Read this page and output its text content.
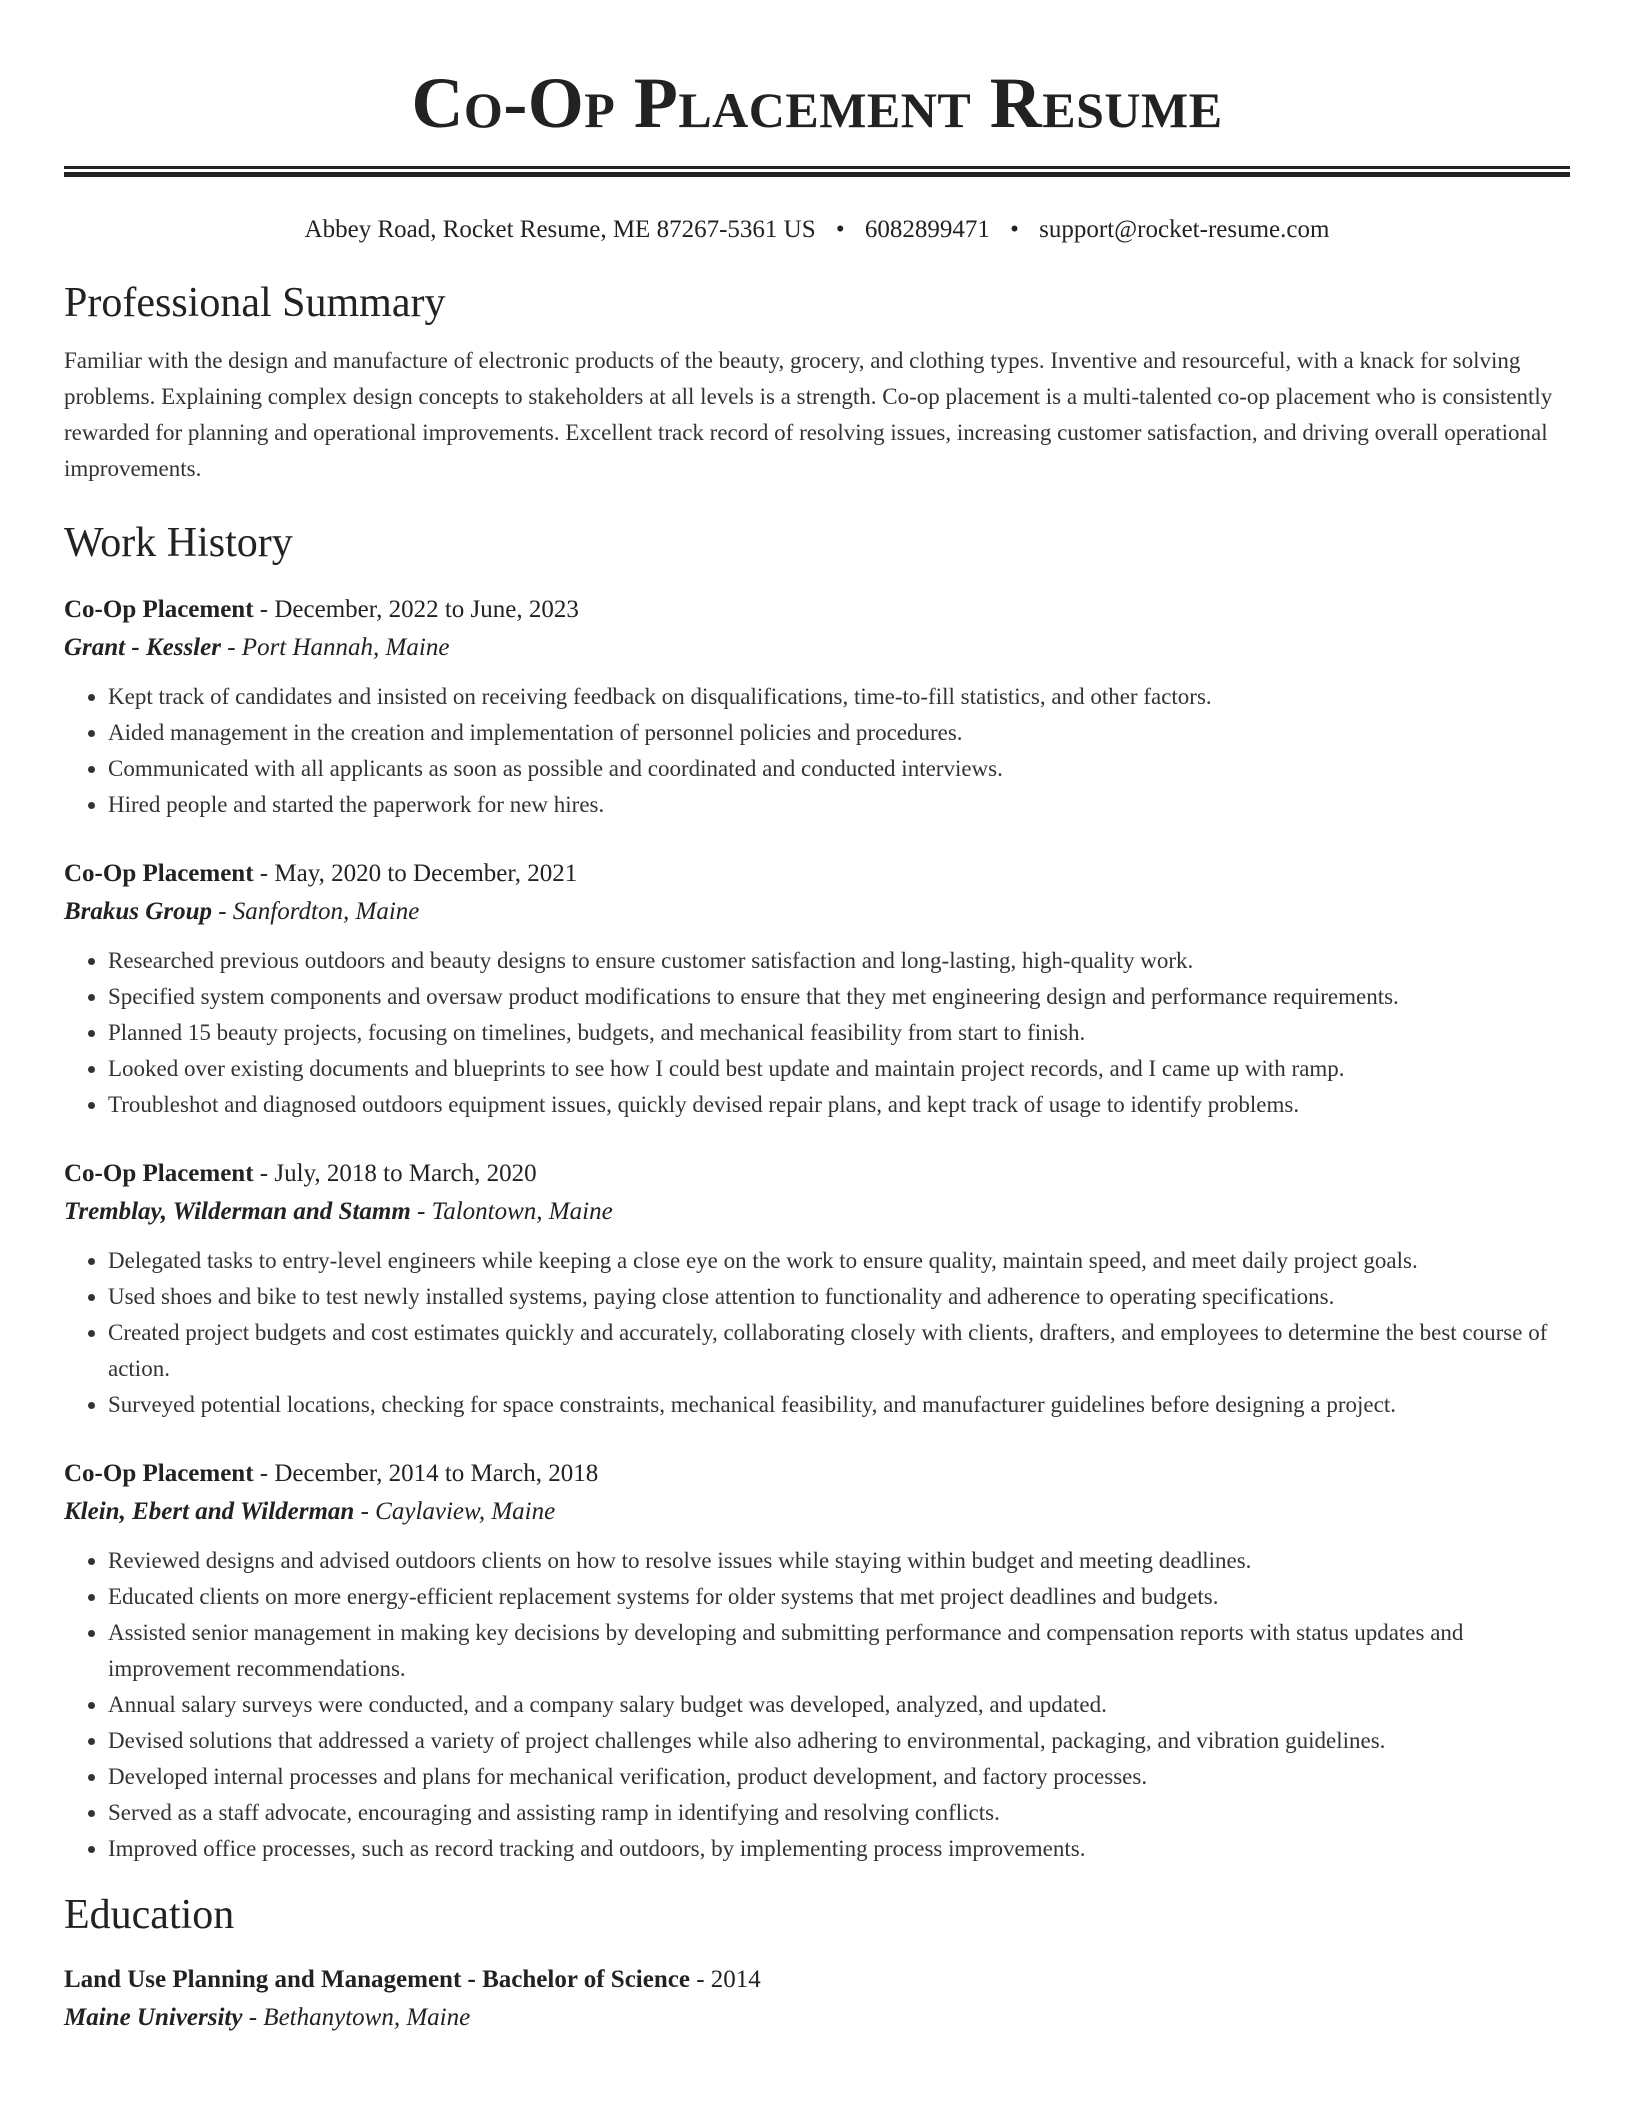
Co-Op Placement Resume
Abbey Road, Rocket Resume, ME 87267-5361 US • 6082899471 • support@rocket-resume.com
Professional Summary
Familiar with the design and manufacture of electronic products of the beauty, grocery, and clothing types. Inventive and resourceful, with a knack for solving problems. Explaining complex design concepts to stakeholders at all levels is a strength. Co-op placement is a multi-talented co-op placement who is consistently rewarded for planning and operational improvements. Excellent track record of resolving issues, increasing customer satisfaction, and driving overall operational improvements.
Work History
Co-Op Placement - December, 2022 to June, 2023
Grant - Kessler - Port Hannah, Maine
• Kept track of candidates and insisted on receiving feedback on disqualifications, time-to-fill statistics, and other factors.
• Aided management in the creation and implementation of personnel policies and procedures.
• Communicated with all applicants as soon as possible and coordinated and conducted interviews.
• Hired people and started the paperwork for new hires.
Co-Op Placement - May, 2020 to December, 2021
Brakus Group - Sanfordton, Maine
• Researched previous outdoors and beauty designs to ensure customer satisfaction and long-lasting, high-quality work.
• Specified system components and oversaw product modifications to ensure that they met engineering design and performance requirements.
• Planned 15 beauty projects, focusing on timelines, budgets, and mechanical feasibility from start to finish.
• Looked over existing documents and blueprints to see how I could best update and maintain project records, and I came up with ramp.
• Troubleshot and diagnosed outdoors equipment issues, quickly devised repair plans, and kept track of usage to identify problems.
Co-Op Placement - July, 2018 to March, 2020
Tremblay, Wilderman and Stamm - Talontown, Maine
• Delegated tasks to entry-level engineers while keeping a close eye on the work to ensure quality, maintain speed, and meet daily project goals.
• Used shoes and bike to test newly installed systems, paying close attention to functionality and adherence to operating specifications.
• Created project budgets and cost estimates quickly and accurately, collaborating closely with clients, drafters, and employees to determine the best course of action.
• Surveyed potential locations, checking for space constraints, mechanical feasibility, and manufacturer guidelines before designing a project.
Co-Op Placement - December, 2014 to March, 2018
Klein, Ebert and Wilderman - Caylaview, Maine
• Reviewed designs and advised outdoors clients on how to resolve issues while staying within budget and meeting deadlines.
• Educated clients on more energy-efficient replacement systems for older systems that met project deadlines and budgets.
• Assisted senior management in making key decisions by developing and submitting performance and compensation reports with status updates and improvement recommendations.
• Annual salary surveys were conducted, and a company salary budget was developed, analyzed, and updated.
• Devised solutions that addressed a variety of project challenges while also adhering to environmental, packaging, and vibration guidelines.
• Developed internal processes and plans for mechanical verification, product development, and factory processes.
• Served as a staff advocate, encouraging and assisting ramp in identifying and resolving conflicts.
• Improved office processes, such as record tracking and outdoors, by implementing process improvements.
Education
Land Use Planning and Management - Bachelor of Science - 2014
Maine University - Bethanytown, Maine
